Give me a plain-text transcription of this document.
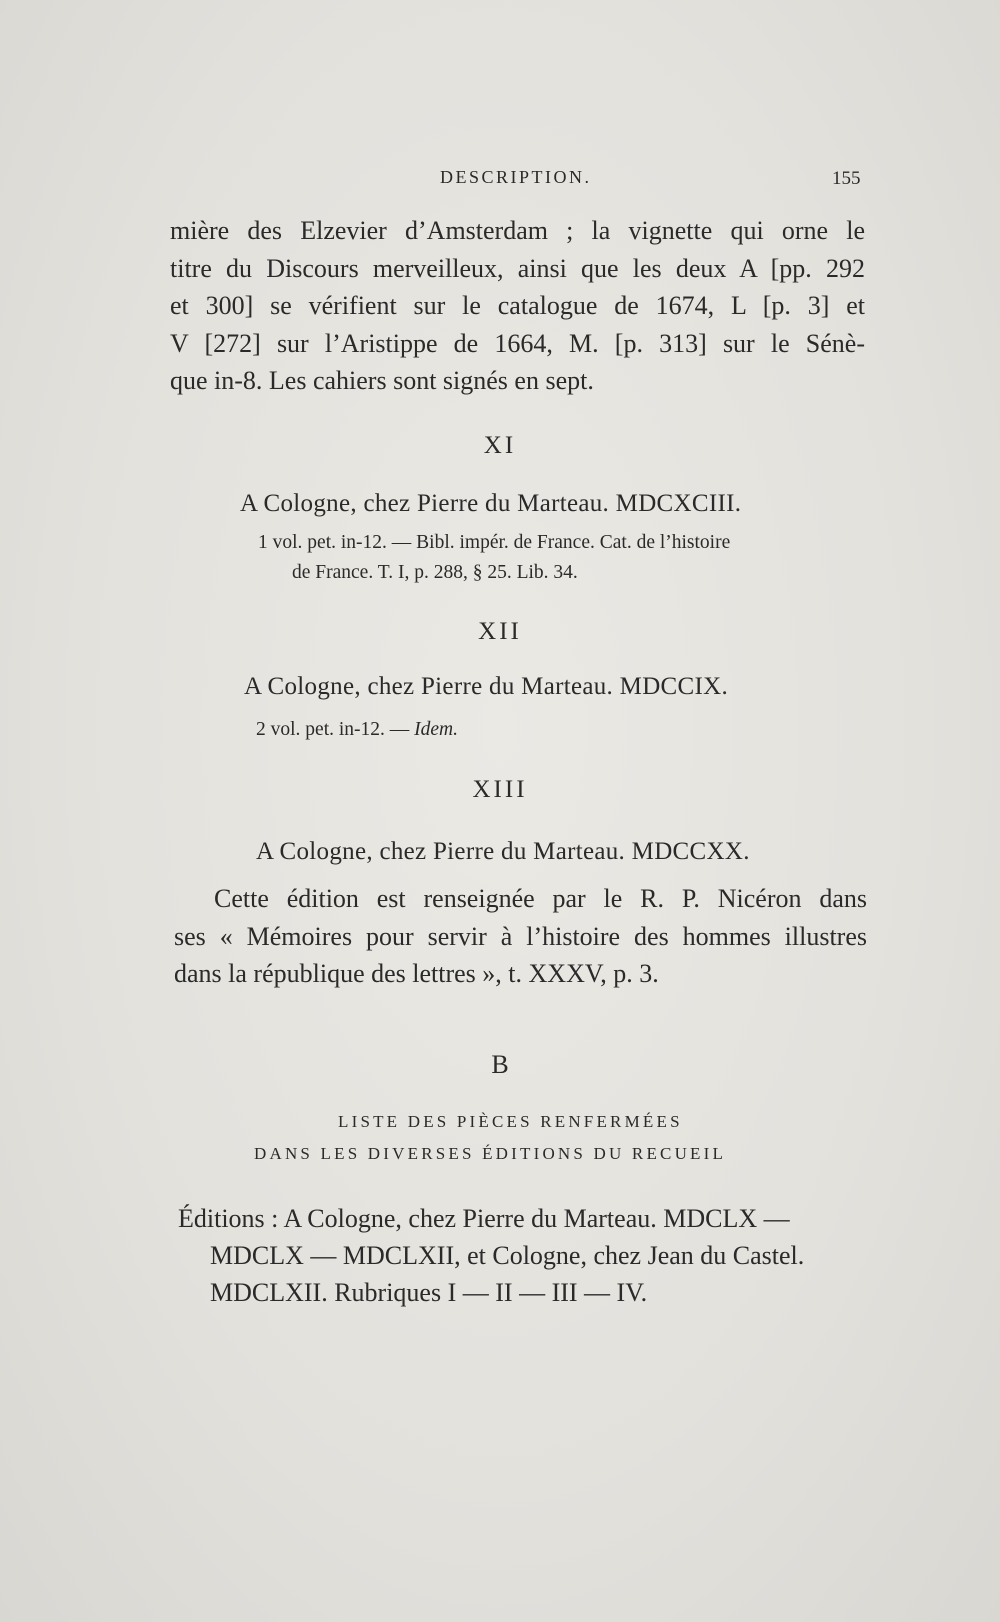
DESCRIPTION.	155
mière des Elzevier d’Amsterdam ; la vignette qui orne le
titre du Discours merveilleux, ainsi que les deux A [pp. 292
et 300] se vérifient sur le catalogue de 1674, L [p. 3] et
V [272] sur l’Aristippe de 1664, M. [p. 313] sur le Sénè-
que in-8. Les cahiers sont signés en sept.
XI
A Cologne, chez Pierre du Marteau. MDCXCIII.
1 vol. pet. in-12. — Bibl. impér. de France. Cat. de l’histoire
de France. T. I, p. 288, § 25. Lib. 34.
XII
A Cologne, chez Pierre du Marteau. MDCCIX.
2 vol. pet. in-12. — Idem.
XIII
A Cologne, chez Pierre du Marteau. MDCCXX.
Cette édition est renseignée par le R. P. Nicéron dans
ses « Mémoires pour servir à l’histoire des hommes illustres
dans la république des lettres », t. XXXV, p. 3.
B
LISTE DES PIÈCES RENFERMÉES
DANS LES DIVERSES ÉDITIONS DU RECUEIL
Éditions : A Cologne, chez Pierre du Marteau. MDCLX —
MDCLX — MDCLXII, et Cologne, chez Jean du Castel.
MDCLXII. Rubriques I — II — III — IV.
